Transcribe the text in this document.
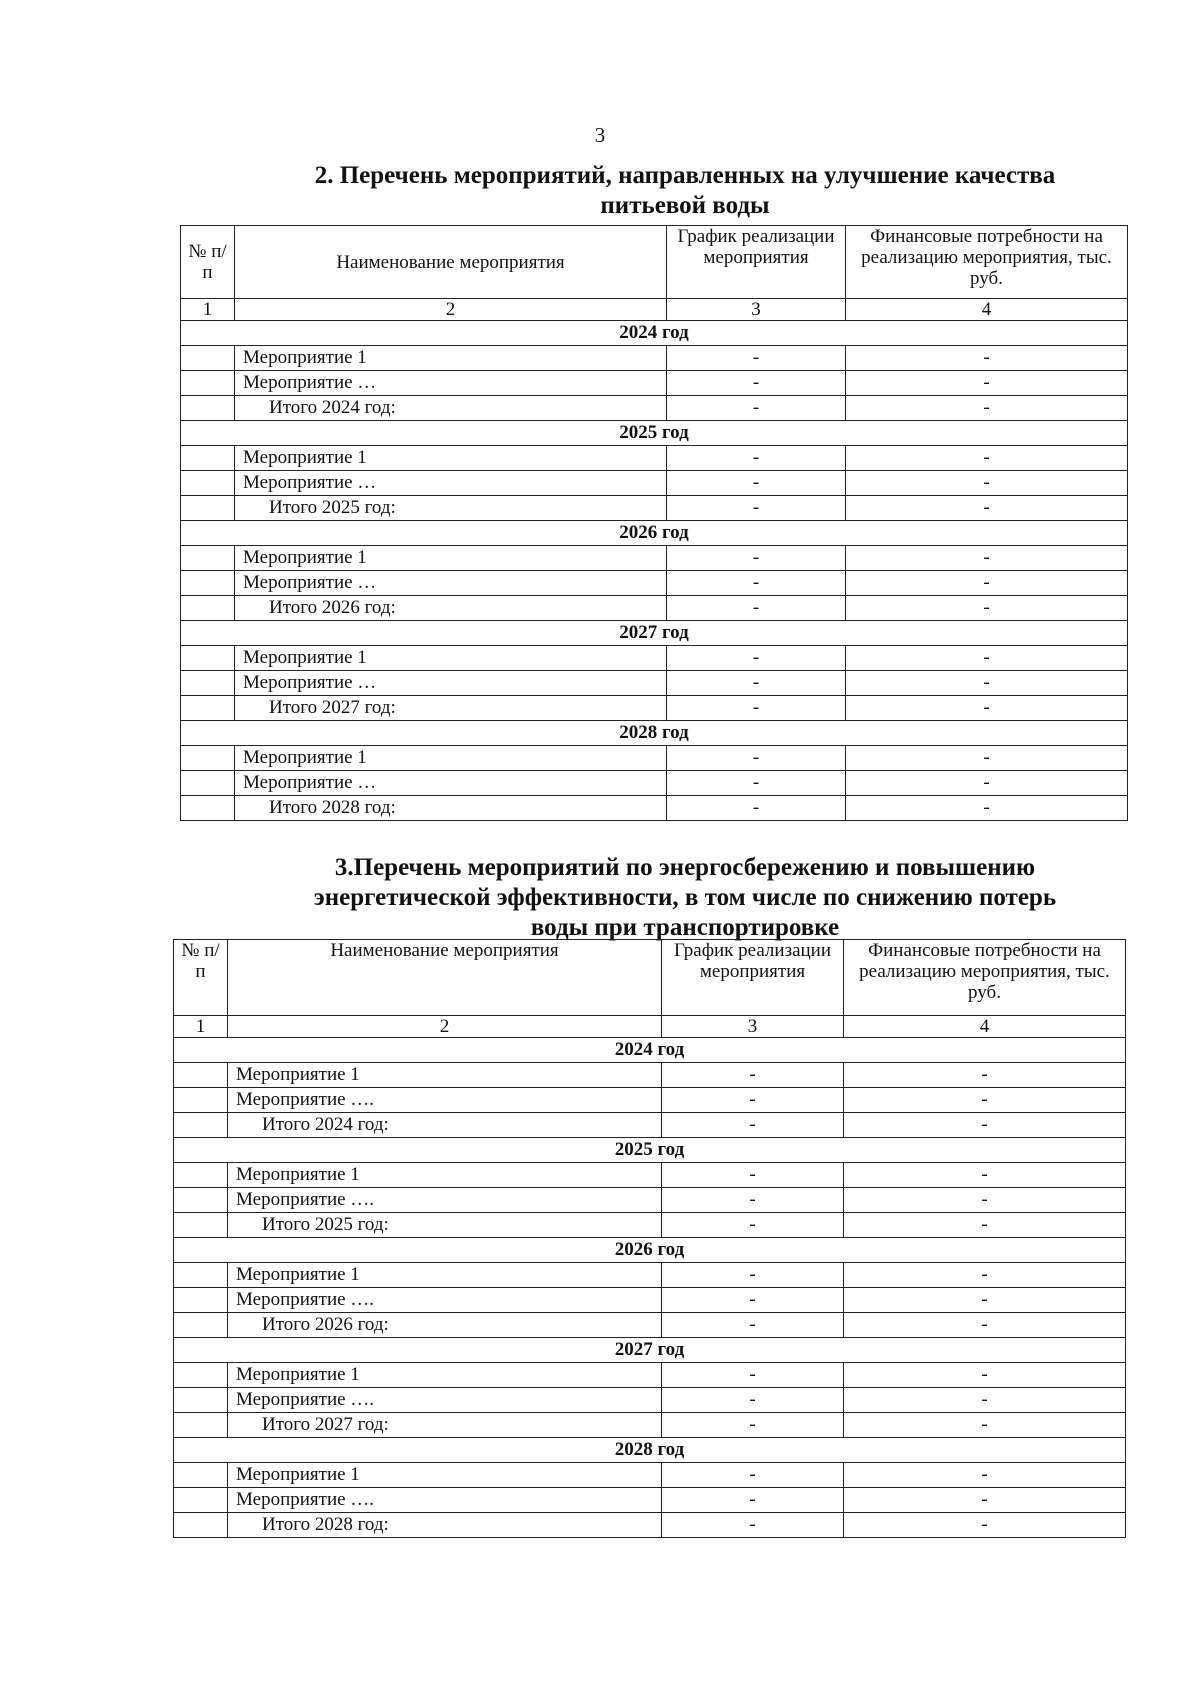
3
2. Перечень мероприятий, направленных на улучшение качества
питьевой воды
№ п/п	Наименование мероприятия	График реализации мероприятия	Финансовые потребности на реализацию мероприятия, тыс. руб.
1	2	3	4
2024 год			
	Мероприятие 1	-	-
	Мероприятие …	-	-
	Итого 2024 год:	-	-
2025 год			
	Мероприятие 1	-	-
	Мероприятие …	-	-
	Итого 2025 год:	-	-
2026 год			
	Мероприятие 1	-	-
	Мероприятие …	-	-
	Итого 2026 год:	-	-
2027 год			
	Мероприятие 1	-	-
	Мероприятие …	-	-
	Итого 2027 год:	-	-
2028 год			
	Мероприятие 1	-	-
	Мероприятие …	-	-
	Итого 2028 год:	-	-
3.Перечень мероприятий по энергосбережению и повышению
энергетической эффективности, в том числе по снижению потерь
воды при транспортировке
№ п/п	Наименование мероприятия	График реализации мероприятия	Финансовые потребности на реализацию мероприятия, тыс. руб.
1	2	3	4
2024 год			
	Мероприятие 1	-	-
	Мероприятие ….	-	-
	Итого 2024 год:	-	-
2025 год			
	Мероприятие 1	-	-
	Мероприятие ….	-	-
	Итого 2025 год:	-	-
2026 год			
	Мероприятие 1	-	-
	Мероприятие ….	-	-
	Итого 2026 год:	-	-
2027 год			
	Мероприятие 1	-	-
	Мероприятие ….	-	-
	Итого 2027 год:	-	-
2028 год			
	Мероприятие 1	-	-
	Мероприятие ….	-	-
	Итого 2028 год:	-	-
